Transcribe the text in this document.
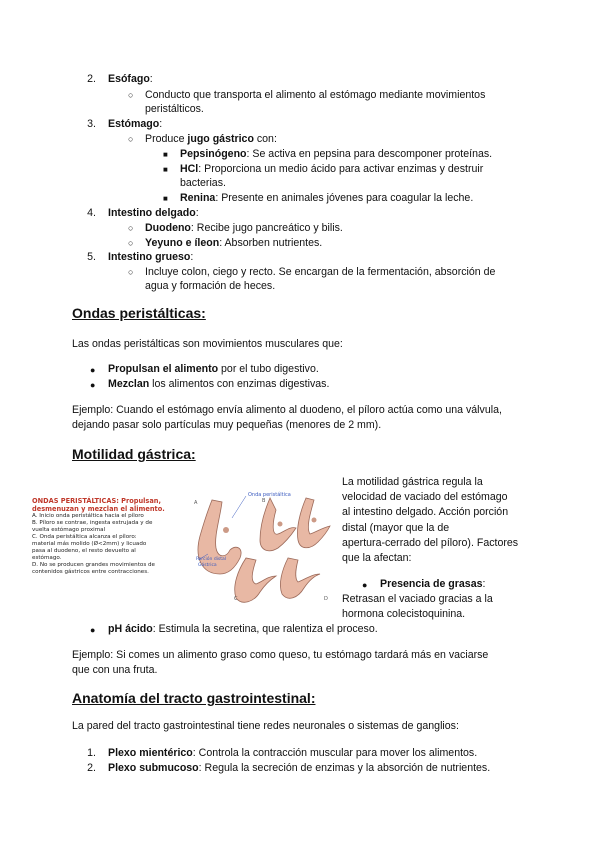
2. Esófago:
○ Conducto que transporta el alimento al estómago mediante movimientos
peristálticos.
3. Estómago:
○ Produce jugo gástrico con:
■ Pepsinógeno: Se activa en pepsina para descomponer proteínas.
■ HCl: Proporciona un medio ácido para activar enzimas y destruir
bacterias.
■ Renina: Presente en animales jóvenes para coagular la leche.
4. Intestino delgado:
○ Duodeno: Recibe jugo pancreático y bilis.
○ Yeyuno e íleon: Absorben nutrientes.
5. Intestino grueso:
○ Incluye colon, ciego y recto. Se encargan de la fermentación, absorción de
agua y formación de heces.
Ondas peristálticas:
Las ondas peristálticas son movimientos musculares que:
● Propulsan el alimento por el tubo digestivo.
● Mezclan los alimentos con enzimas digestivas.
Ejemplo: Cuando el estómago envía alimento al duodeno, el píloro actúa como una válvula,
dejando pasar solo partículas muy pequeñas (menores de 2 mm).
Motilidad gástrica:
ONDAS PERISTÁLTICAS: Propulsan,
desmenuzan y mezclan el alimento.
A. Inicio onda peristáltica hacia el píloro
B. Píloro se contrae, ingesta estrujada y de
vuelta estómago proximal
C. Onda peristáltica alcanza el píloro:
material más molido (Ø<2mm) y licuado
pasa al duodeno, el resto devuelto al
estómago.
D. No se producen grandes movimientos de
contenidos gástricos entre contracciones.
Onda peristáltica
Porción distal
Gástrica
A	B
C	D
La motilidad gástrica regula la
velocidad de vaciado del estómago
al intestino delgado. Acción porción
distal (mayor que la de
apertura-cerrado del píloro). Factores
que la afectan:
● Presencia de grasas:
Retrasan el vaciado gracias a la
hormona colecistoquinina.
● pH ácido: Estimula la secretina, que ralentiza el proceso.
Ejemplo: Si comes un alimento graso como queso, tu estómago tardará más en vaciarse
que con una fruta.
Anatomía del tracto gastrointestinal:
La pared del tracto gastrointestinal tiene redes neuronales o sistemas de ganglios:
1. Plexo mientérico: Controla la contracción muscular para mover los alimentos.
2. Plexo submucoso: Regula la secreción de enzimas y la absorción de nutrientes.
